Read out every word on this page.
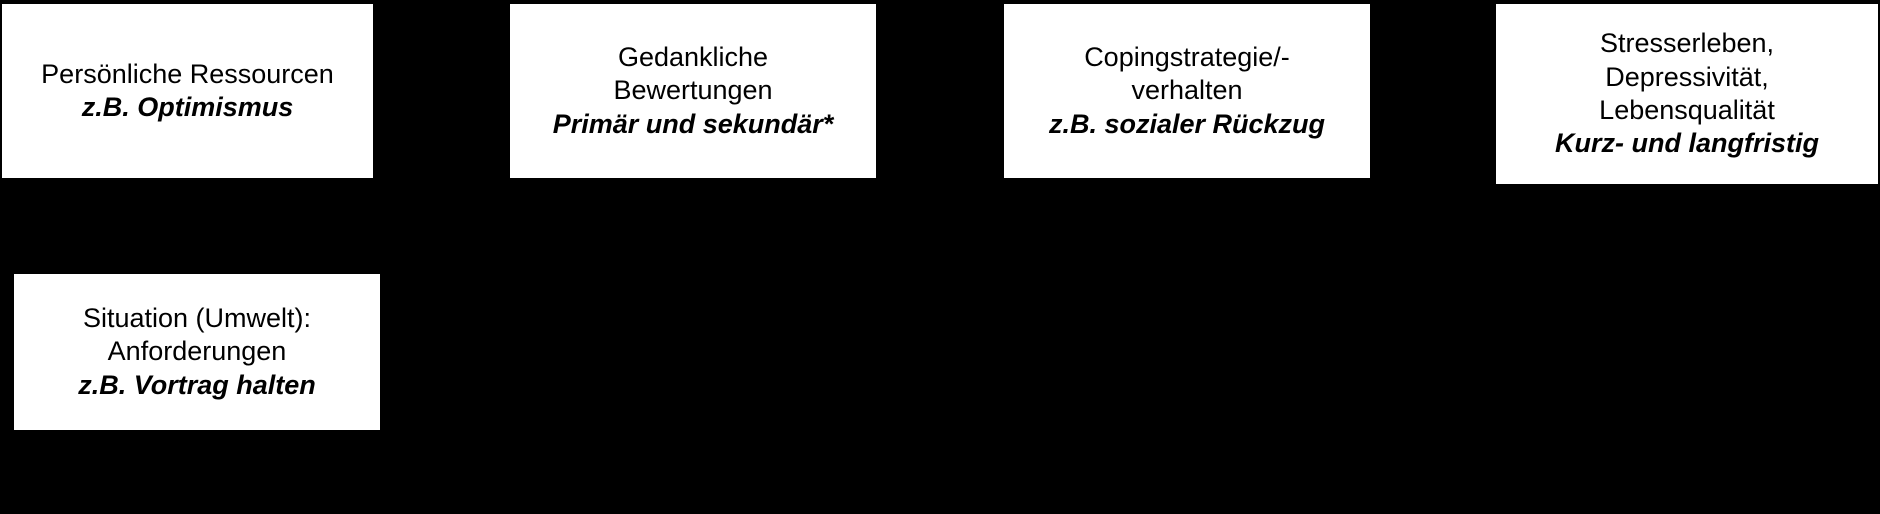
Persönliche Ressourcen
z.B. Optimismus
Gedankliche
Bewertungen
Primär und sekundär*
Copingstrategie/-
verhalten
z.B. sozialer Rückzug
Stresserleben,
Depressivität,
Lebensqualität
Kurz- und langfristig
Situation (Umwelt):
Anforderungen
z.B. Vortrag halten
